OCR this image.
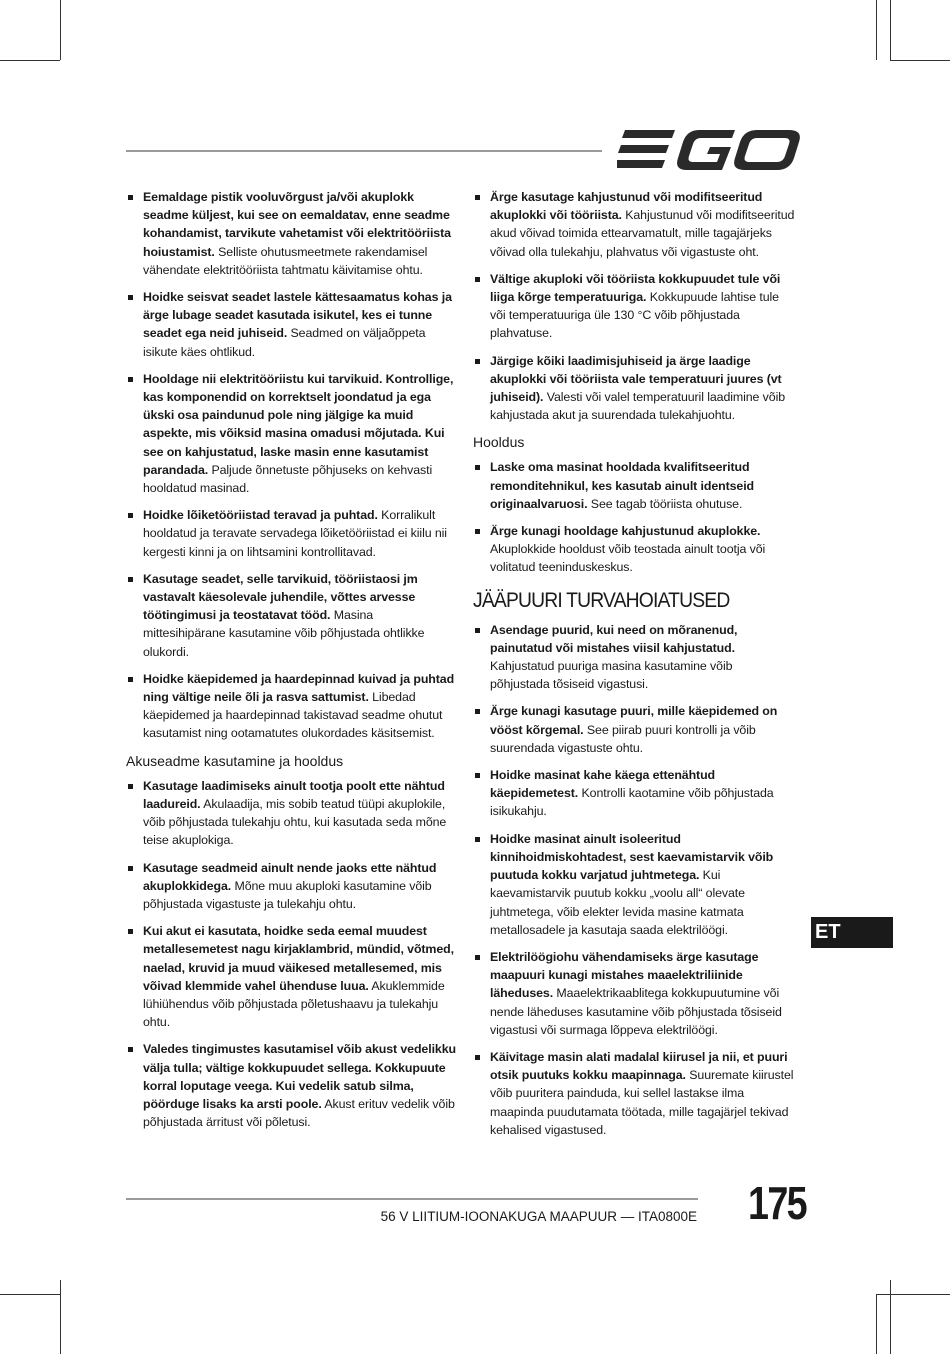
Eemaldage pistik vooluvõrgust ja/või akuplokk seadme küljest, kui see on eemaldatav, enne seadme kohandamist, tarvikute vahetamist või elektritööriista hoiustamist. Selliste ohutusmeetmete rakendamisel vähendate elektritööriista tahtmatu käivitamise ohtu.
Hoidke seisvat seadet lastele kättesaamatus kohas ja ärge lubage seadet kasutada isikutel, kes ei tunne seadet ega neid juhiseid. Seadmed on väljaõppeta isikute käes ohtlikud.
Hooldage nii elektritööriistu kui tarvikuid. Kontrollige, kas komponendid on korrektselt joondatud ja ega ükski osa paindunud pole ning jälgige ka muid aspekte, mis võiksid masina omadusi mõjutada. Kui see on kahjustatud, laske masin enne kasutamist parandada. Paljude õnnetuste põhjuseks on kehvasti hooldatud masinad.
Hoidke lõiketööriistad teravad ja puhtad. Korralikult hooldatud ja teravate servadega lõiketööriistad ei kiilu nii kergesti kinni ja on lihtsamini kontrollitavad.
Kasutage seadet, selle tarvikuid, tööriistaosi jm vastavalt käesolevale juhendile, võttes arvesse töötingimusi ja teostatavat tööd. Masina mittesihipärane kasutamine võib põhjustada ohtlikke olukordi.
Hoidke käepidemed ja haardepinnad kuivad ja puhtad ning vältige neile õli ja rasva sattumist. Libedad käepidemed ja haardepinnad takistavad seadme ohutut kasutamist ning ootamatutes olukordades käsitsemist.
Akuseadme kasutamine ja hooldus
Kasutage laadimiseks ainult tootja poolt ette nähtud laadureid. Akulaadija, mis sobib teatud tüüpi akuplokile, võib põhjustada tulekahju ohtu, kui kasutada seda mõne teise akuplokiga.
Kasutage seadmeid ainult nende jaoks ette nähtud akuplokkidega. Mõne muu akuploki kasutamine võib põhjustada vigastuste ja tulekahju ohtu.
Kui akut ei kasutata, hoidke seda eemal muudest metallesemetest nagu kirjaklambrid, mündid, võtmed, naelad, kruvid ja muud väikesed metallesemed, mis võivad klemmide vahel ühenduse luua. Akuklemmide lühiühendus võib põhjustada põletushaavu ja tulekahju ohtu.
Valedes tingimustes kasutamisel võib akust vedelikku välja tulla; vältige kokkupuudet sellega. Kokkupuute korral loputage veega. Kui vedelik satub silma, pöörduge lisaks ka arsti poole. Akust erituv vedelik võib põhjustada ärritust või põletusi.
Ärge kasutage kahjustunud või modifitseeritud akuplokki või tööriista. Kahjustunud või modifitseeritud akud võivad toimida ettearvamatult, mille tagajärjeks võivad olla tulekahju, plahvatus või vigastuste oht.
Vältige akuploki või tööriista kokkupuudet tule või liiga kõrge temperatuuriga. Kokkupuude lahtise tule või temperatuuriga üle 130 °C võib põhjustada plahvatuse.
Järgige kõiki laadimisjuhiseid ja ärge laadige akuplokki või tööriista vale temperatuuri juures (vt juhiseid). Valesti või valel temperatuuril laadimine võib kahjustada akut ja suurendada tulekahjuohtu.
Hooldus
Laske oma masinat hooldada kvalifitseeritud remonditehnikul, kes kasutab ainult identseid originaalvaruosi. See tagab tööriista ohutuse.
Ärge kunagi hooldage kahjustunud akuplokke. Akuplokkide hooldust võib teostada ainult tootja või volitatud teeninduskeskus.
JÄÄPUURI TURVAHOIATUSED
Asendage puurid, kui need on mõranenud, painutatud või mistahes viisil kahjustatud. Kahjustatud puuriga masina kasutamine võib põhjustada tõsiseid vigastusi.
Ärge kunagi kasutage puuri, mille käepidemed on vööst kõrgemal. See piirab puuri kontrolli ja võib suurendada vigastuste ohtu.
Hoidke masinat kahe käega ettenähtud käepidemetest. Kontrolli kaotamine võib põhjustada isikukahju.
Hoidke masinat ainult isoleeritud kinnihoidmiskohtadest, sest kaevamistarvik võib puutuda kokku varjatud juhtmetega. Kui kaevamistarvik puutub kokku „voolu all“ olevate juhtmetega, võib elekter levida masine katmata metallosadele ja kasutaja saada elektrilöögi.
Elektrilöögiohu vähendamiseks ärge kasutage maapuuri kunagi mistahes maaelektriliinide läheduses. Maaelektrikaablitega kokkupuutumine või nende läheduses kasutamine võib põhjustada tõsiseid vigastusi või surmaga lõppeva elektrilöögi.
Käivitage masin alati madalal kiirusel ja nii, et puuri otsik puutuks kokku maapinnaga. Suuremate kiirustel võib puuritera painduda, kui sellel lastakse ilma maapinda puudutamata töötada, mille tagajärjel tekivad kehalised vigastused.
ET
56 V LIITIUM-IOONAKUGA MAAPUUR — ITA0800E 175
